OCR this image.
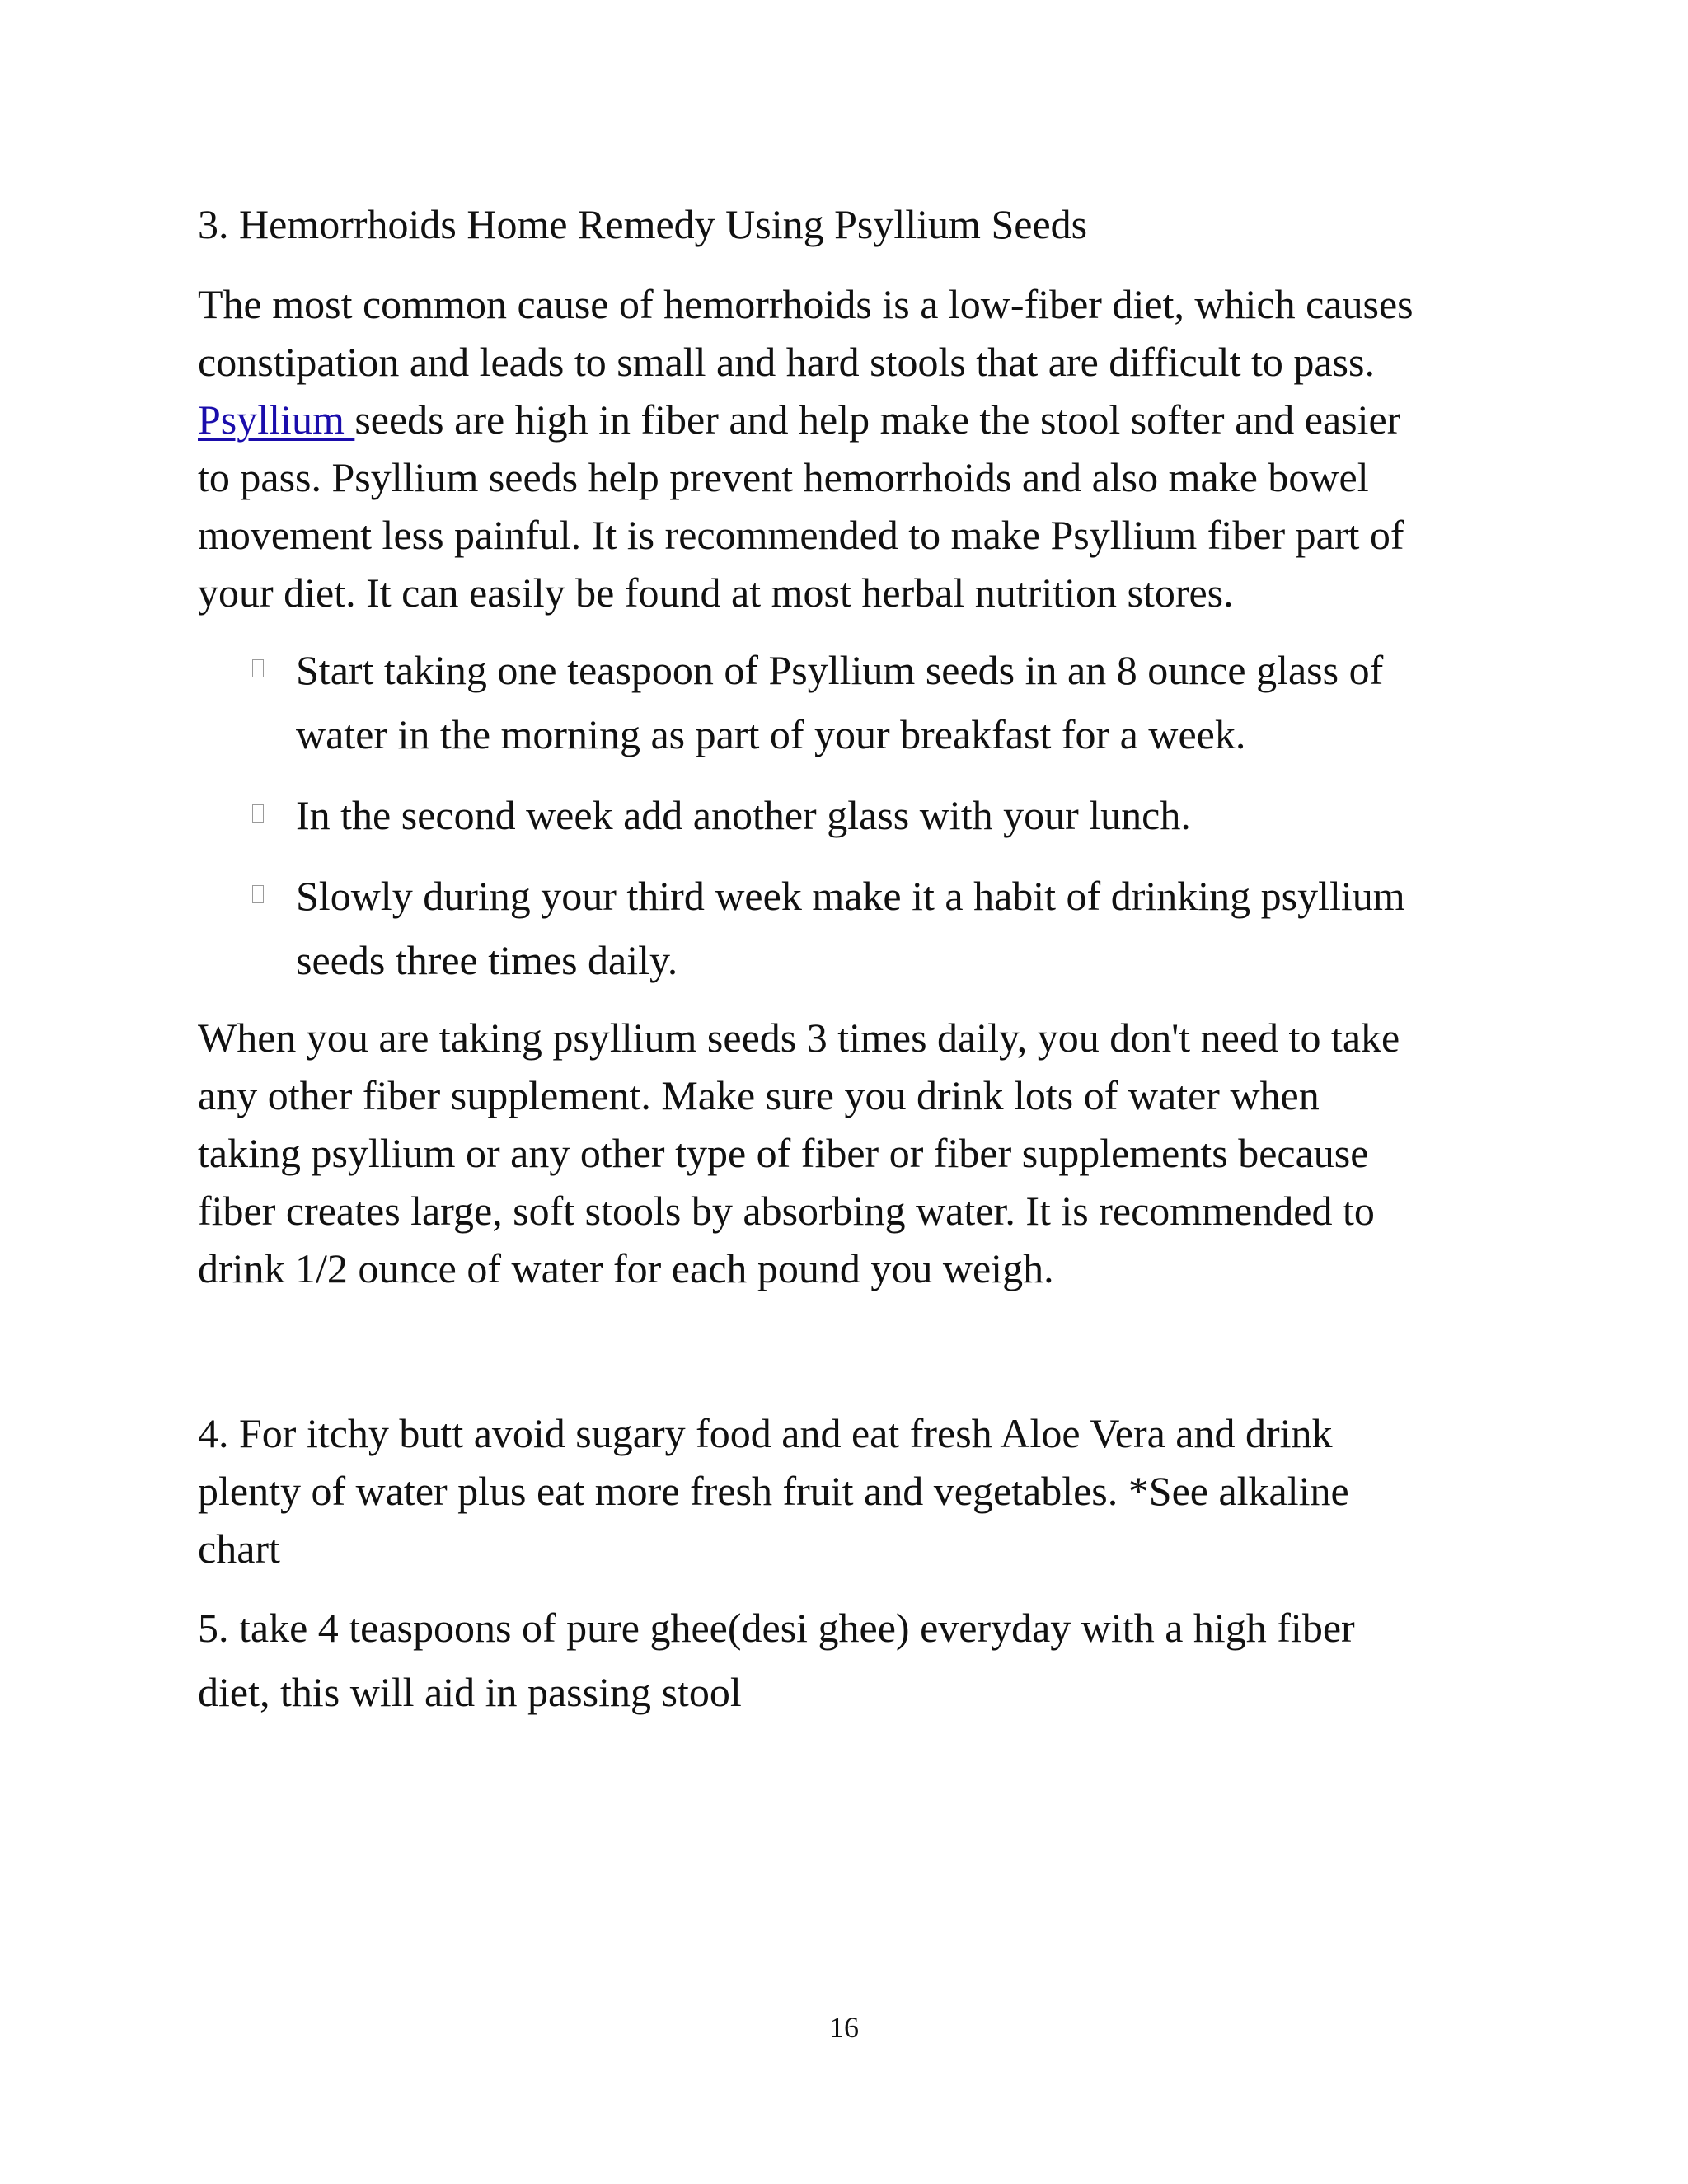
3. Hemorrhoids Home Remedy Using Psyllium Seeds

The most common cause of hemorrhoids is a low-fiber diet, which causes constipation and leads to small and hard stools that are difficult to pass. Psyllium seeds are high in fiber and help make the stool softer and easier to pass. Psyllium seeds help prevent hemorrhoids and also make bowel movement less painful. It is recommended to make Psyllium fiber part of your diet. It can easily be found at most herbal nutrition stores.

Start taking one teaspoon of Psyllium seeds in an 8 ounce glass of water in the morning as part of your breakfast for a week.
In the second week add another glass with your lunch.
Slowly during your third week make it a habit of drinking psyllium seeds three times daily.

When you are taking psyllium seeds 3 times daily, you don't need to take any other fiber supplement. Make sure you drink lots of water when taking psyllium or any other type of fiber or fiber supplements because fiber creates large, soft stools by absorbing water. It is recommended to drink 1/2 ounce of water for each pound you weigh.

4. For itchy butt avoid sugary food and eat fresh Aloe Vera and drink plenty of water plus eat more fresh fruit and vegetables. *See alkaline chart

5. take 4 teaspoons of pure ghee(desi ghee) everyday with a high fiber diet, this will aid in passing stool

16
